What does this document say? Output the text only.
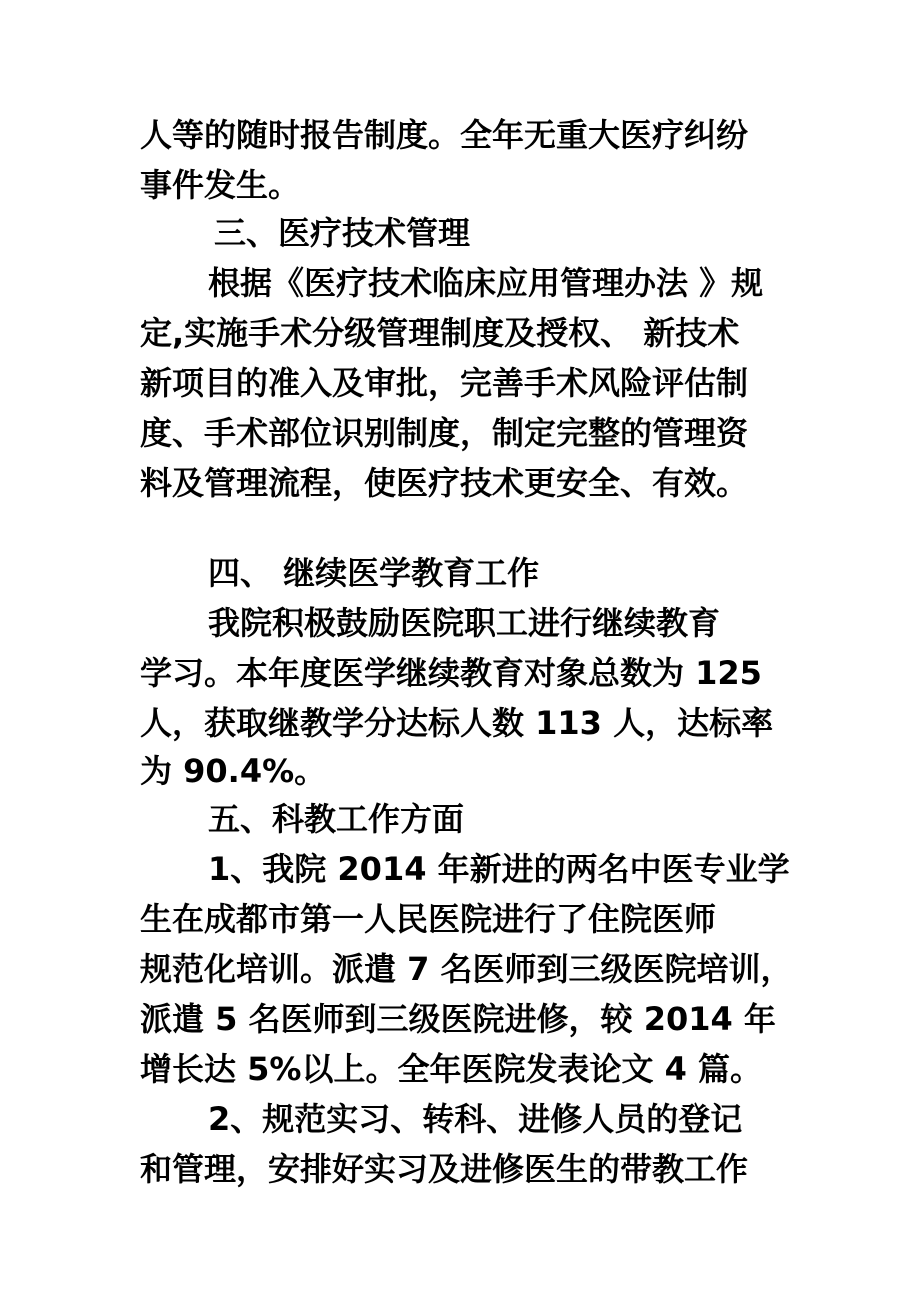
人等的随时报告制度。全年无重大医疗纠纷
事件发生。
三、医疗技术管理
根据《医疗技术临床应用管理办法 》规
定,实施手术分级管理制度及授权、 新技术
新项目的准入及审批，完善手术风险评估制
度、手术部位识别制度，制定完整的管理资
料及管理流程，使医疗技术更安全、有效。
四、 继续医学教育工作
我院积极鼓励医院职工进行继续教育
学习。本年度医学继续教育对象总数为 125
人，获取继教学分达标人数 113 人，达标率
为 90.4%。
五、科教工作方面
1、我院 2014 年新进的两名中医专业学
生在成都市第一人民医院进行了住院医师
规范化培训。派遣 7 名医师到三级医院培训，
派遣 5 名医师到三级医院进修，较 2014 年
增长达 5%以上。全年医院发表论文 4 篇。
2、规范实习、转科、进修人员的登记
和管理，安排好实习及进修医生的带教工作
